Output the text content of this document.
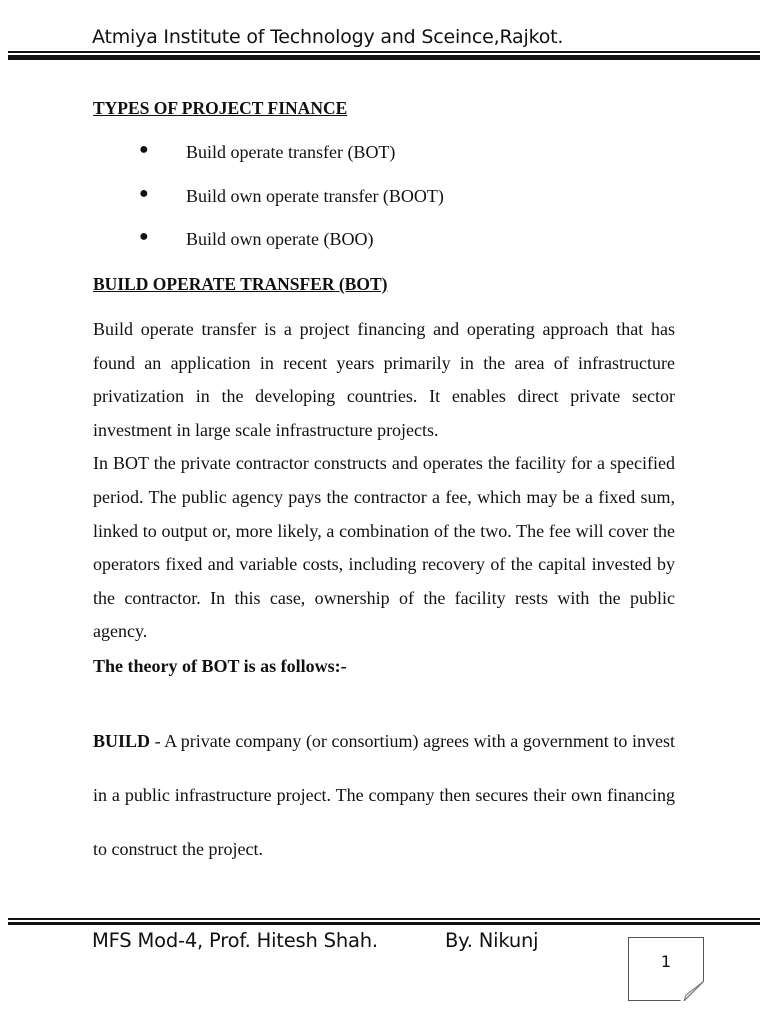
Atmiya Institute of Technology and Sceince,Rajkot.
TYPES OF PROJECT FINANCE
● Build operate transfer (BOT)
● Build own operate transfer (BOOT)
● Build own operate (BOO)
BUILD OPERATE TRANSFER (BOT)

Build operate transfer is a project financing and operating approach that has found an application in recent years primarily in the area of infrastructure privatization in the developing countries. It enables direct private sector investment in large scale infrastructure projects.

In BOT the private contractor constructs and operates the facility for a specified period. The public agency pays the contractor a fee, which may be a fixed sum, linked to output or, more likely, a combination of the two. The fee will cover the operators fixed and variable costs, including recovery of the capital invested by the contractor. In this case, ownership of the facility rests with the public agency.

The theory of BOT is as follows:-
BUILD - A private company (or consortium) agrees with a government to invest in a public infrastructure project. The company then secures their own financing to construct the project.
MFS Mod-4, Prof. Hitesh Shah.	By. Nikunj
1
